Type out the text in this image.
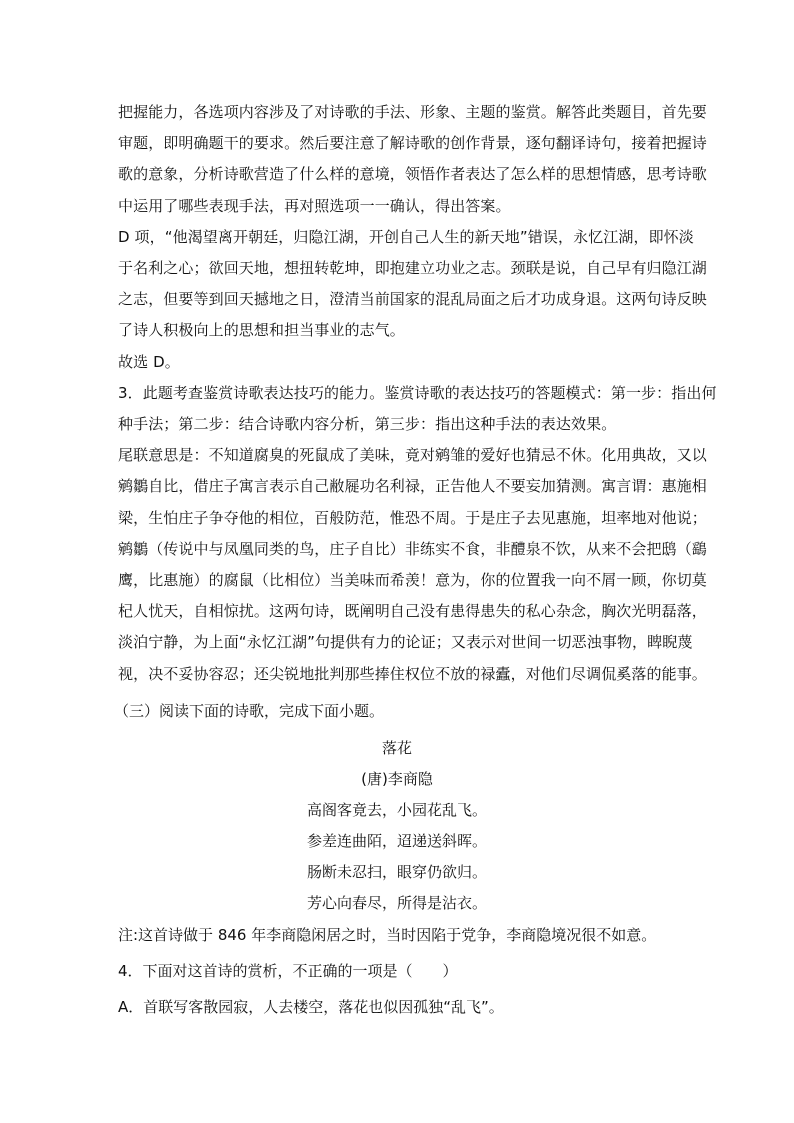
把握能力，各选项内容涉及了对诗歌的手法、形象、主题的鉴赏。解答此类题目，首先要
审题，即明确题干的要求。然后要注意了解诗歌的创作背景，逐句翻译诗句，接着把握诗
歌的意象，分析诗歌营造了什么样的意境，领悟作者表达了怎么样的思想情感，思考诗歌
中运用了哪些表现手法，再对照选项一一确认，得出答案。
D 项，“他渴望离开朝廷，归隐江湖，开创自己人生的新天地”错误，永忆江湖，即怀淡
于名利之心；欲回天地，想扭转乾坤，即抱建立功业之志。颈联是说，自己早有归隐江湖
之志，但要等到回天撼地之日，澄清当前国家的混乱局面之后才功成身退。这两句诗反映
了诗人积极向上的思想和担当事业的志气。
故选 D。
3．此题考查鉴赏诗歌表达技巧的能力。鉴赏诗歌的表达技巧的答题模式：第一步：指出何
种手法；第二步：结合诗歌内容分析，第三步：指出这种手法的表达效果。
尾联意思是：不知道腐臭的死鼠成了美味，竟对鹓雏的爱好也猜忌不休。化用典故，又以
鹓鶵自比，借庄子寓言表示自己敝屣功名利禄，正告他人不要妄加猜测。寓言谓：惠施相
梁，生怕庄子争夺他的相位，百般防范，惟恐不周。于是庄子去见惠施，坦率地对他说；
鹓鶵（传说中与凤凰同类的鸟，庄子自比）非练实不食，非醴泉不饮，从来不会把鸱（鷂
鹰，比惠施）的腐鼠（比相位）当美味而希羡！意为，你的位置我一向不屑一顾，你切莫
杞人忧天，自相惊扰。这两句诗，既阐明自己没有患得患失的私心杂念，胸次光明磊落，
淡泊宁静，为上面“永忆江湖”句提供有力的论证；又表示对世间一切恶浊事物，睥睨蔑
视，决不妥协容忍；还尖锐地批判那些捧住权位不放的禄蠹，对他们尽调侃奚落的能事。
（三）阅读下面的诗歌，完成下面小题。
落花
(唐)李商隐
高阁客竟去，小园花乱飞。
参差连曲陌，迢递送斜晖。
肠断未忍扫，眼穿仍欲归。
芳心向春尽，所得是沾衣。
注:这首诗做于 846 年李商隐闲居之时，当时因陷于党争，李商隐境况很不如意。
4．下面对这首诗的赏析，不正确的一项是（　　）
A．首联写客散园寂，人去楼空，落花也似因孤独“乱飞”。
